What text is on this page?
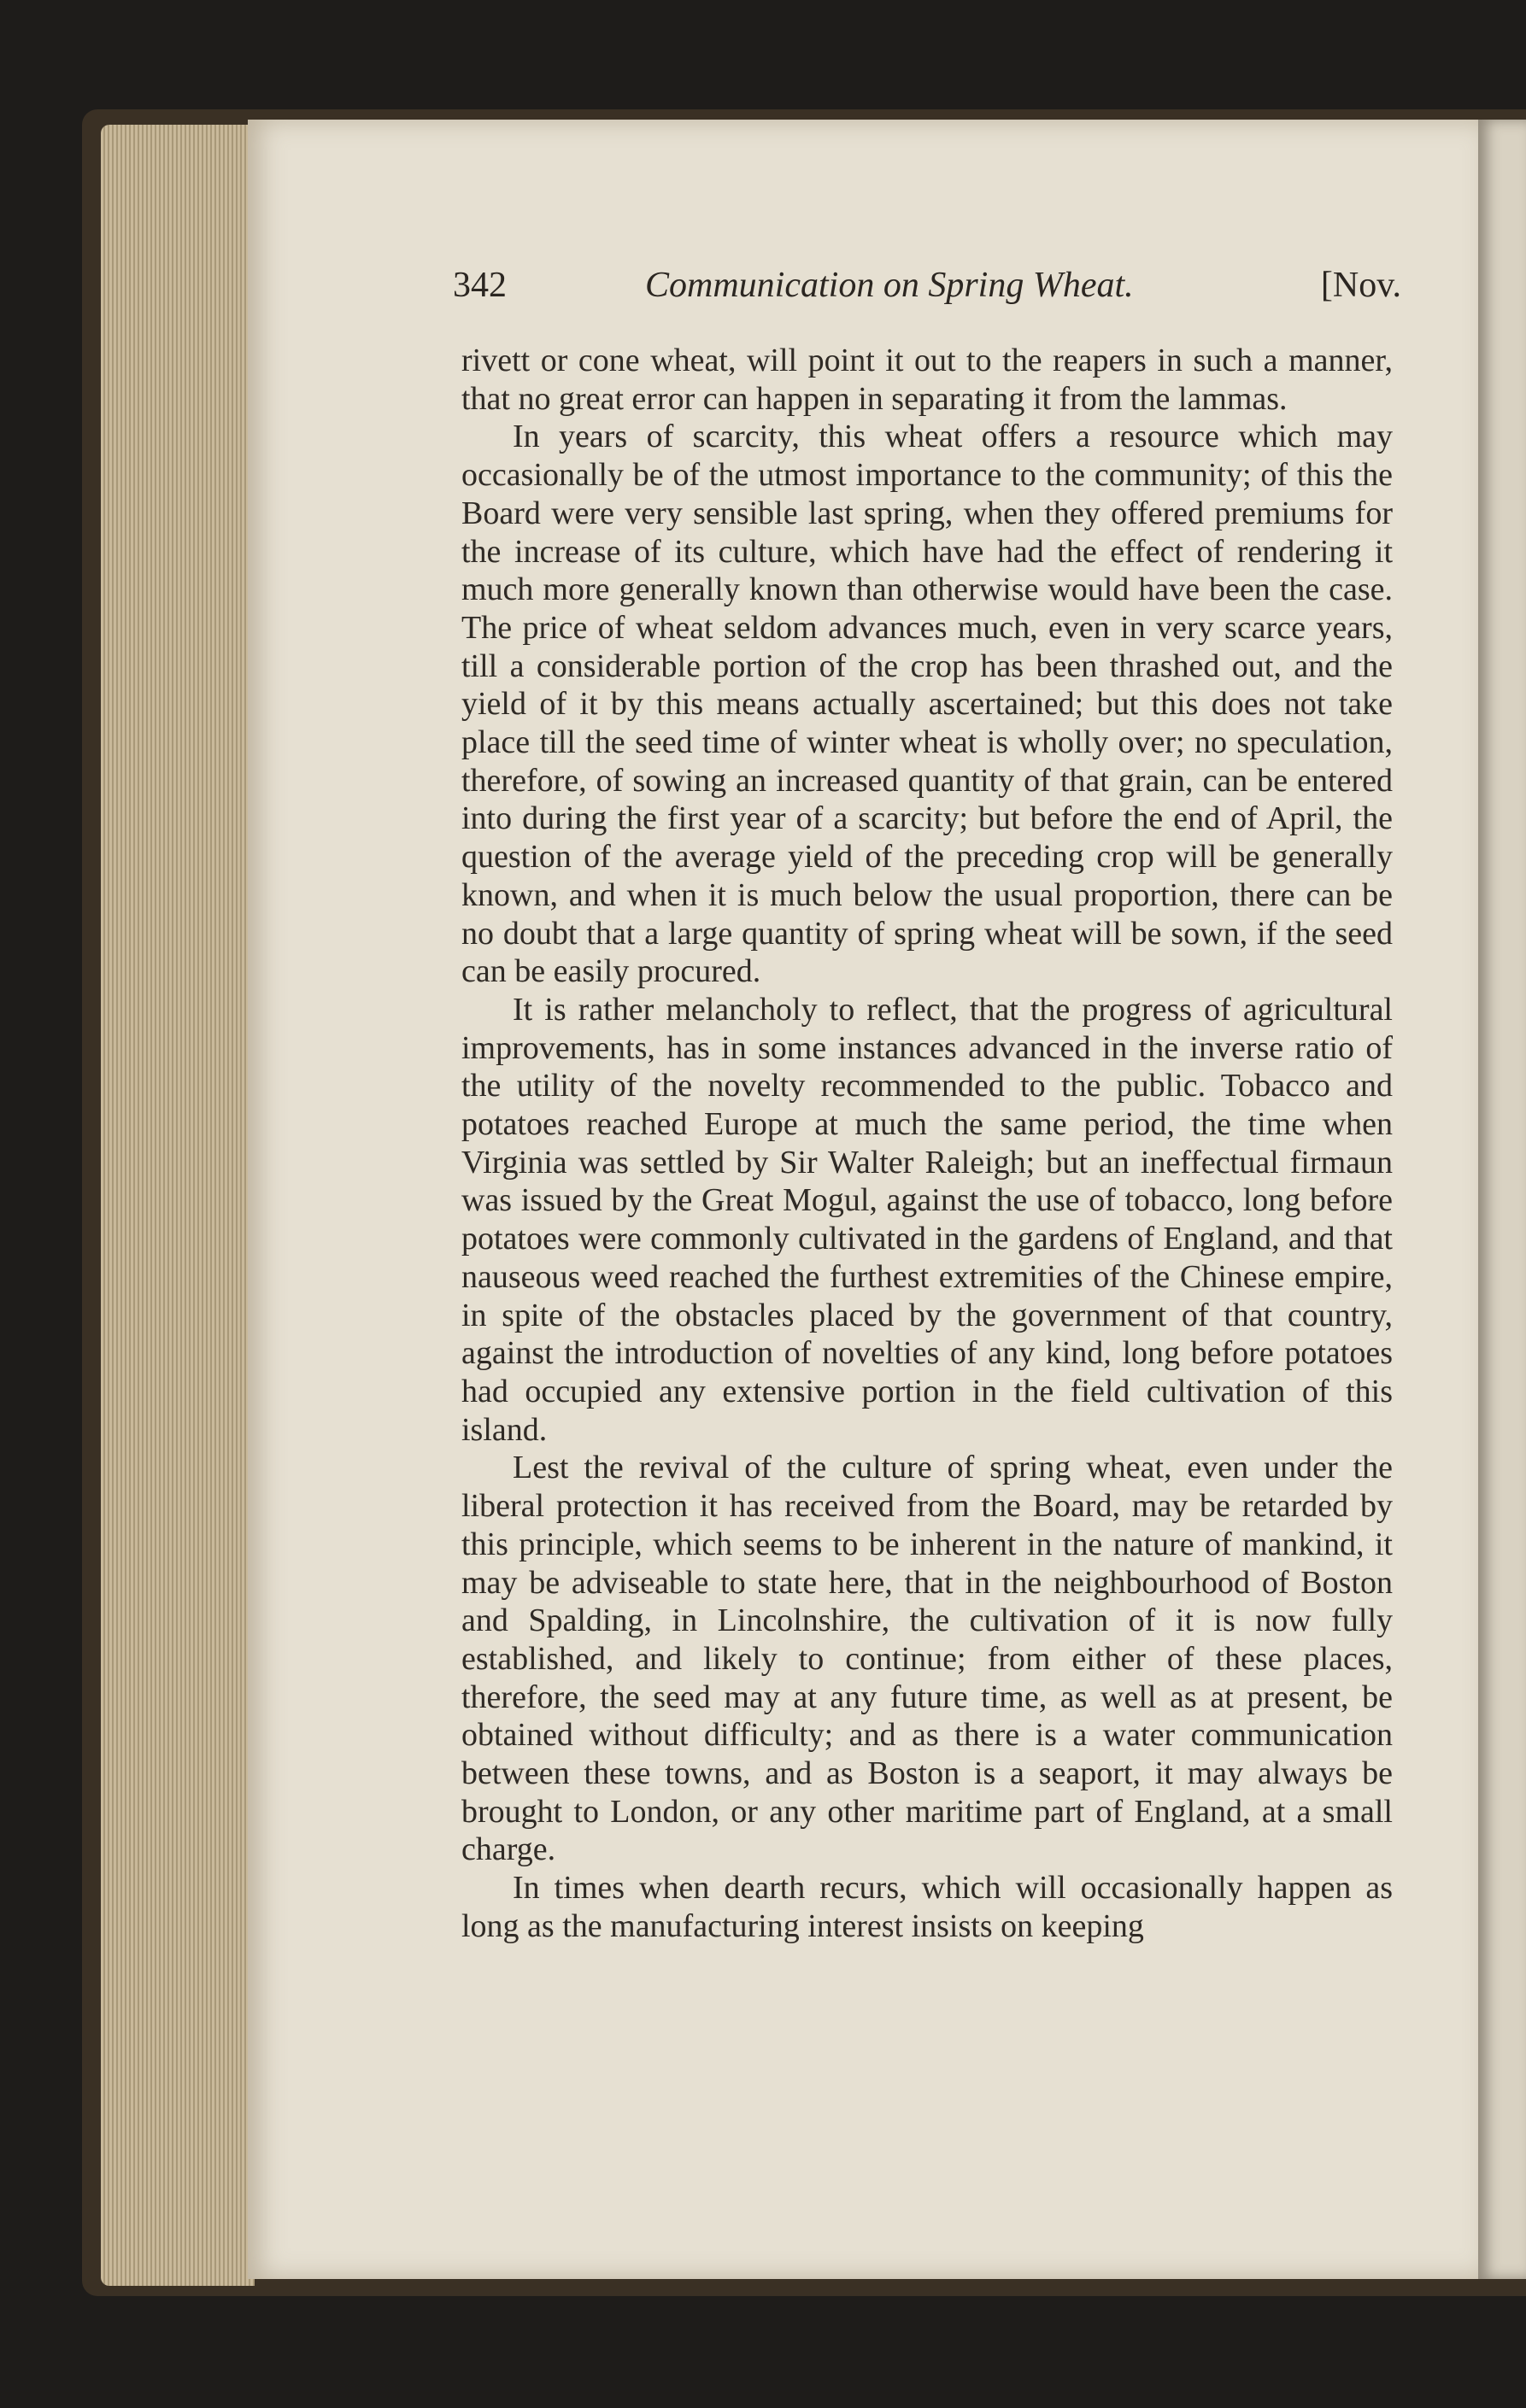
342	Communication on Spring Wheat.	[Nov.

rivett or cone wheat, will point it out to the reapers in such a manner, that no great error can happen in separating it from the lammas.

In years of scarcity, this wheat offers a resource which may occasionally be of the utmost importance to the community; of this the Board were very sensible last spring, when they offered premiums for the increase of its culture, which have had the effect of rendering it much more generally known than otherwise would have been the case. The price of wheat seldom advances much, even in very scarce years, till a considerable portion of the crop has been thrashed out, and the yield of it by this means actually ascertained; but this does not take place till the seed time of winter wheat is wholly over; no speculation, therefore, of sowing an increased quantity of that grain, can be entered into during the first year of a scarcity; but before the end of April, the question of the average yield of the preceding crop will be generally known, and when it is much below the usual proportion, there can be no doubt that a large quantity of spring wheat will be sown, if the seed can be easily procured.

It is rather melancholy to reflect, that the progress of agricultural improvements, has in some instances advanced in the inverse ratio of the utility of the novelty recommended to the public. Tobacco and potatoes reached Europe at much the same period, the time when Virginia was settled by Sir Walter Raleigh; but an ineffectual firmaun was issued by the Great Mogul, against the use of tobacco, long before potatoes were commonly cultivated in the gardens of England, and that nauseous weed reached the furthest extremities of the Chinese empire, in spite of the obstacles placed by the government of that country, against the introduction of novelties of any kind, long before potatoes had occupied any extensive portion in the field cultivation of this island.

Lest the revival of the culture of spring wheat, even under the liberal protection it has received from the Board, may be retarded by this principle, which seems to be inherent in the nature of mankind, it may be adviseable to state here, that in the neighbourhood of Boston and Spalding, in Lincolnshire, the cultivation of it is now fully established, and likely to continue; from either of these places, therefore, the seed may at any future time, as well as at present, be obtained without difficulty; and as there is a water communication between these towns, and as Boston is a seaport, it may always be brought to London, or any other maritime part of England, at a small charge.

In times when dearth recurs, which will occasionally happen as long as the manufacturing interest insists on keeping
